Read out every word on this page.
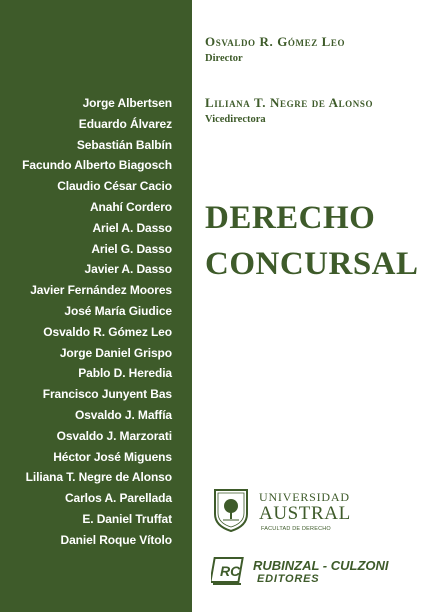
Jorge Albertsen
Eduardo Álvarez
Sebastián Balbín
Facundo Alberto Biagosch
Claudio César Cacio
Anahí Cordero
Ariel A. Dasso
Ariel G. Dasso
Javier A. Dasso
Javier Fernández Moores
José María Giudice
Osvaldo R. Gómez Leo
Jorge Daniel Grispo
Pablo D. Heredia
Francisco Junyent Bas
Osvaldo J. Maffía
Osvaldo J. Marzorati
Héctor José Miguens
Liliana T. Negre de Alonso
Carlos A. Parellada
E. Daniel Truffat
Daniel Roque Vítolo
Osvaldo R. Gómez Leo
Director
Liliana T. Negre de Alonso
Vicedirectora
DERECHO
CONCURSAL
UNIVERSIDAD
AUSTRAL
FACULTAD DE DERECHO
RC RUBINZAL - CULZONI
EDITORES
